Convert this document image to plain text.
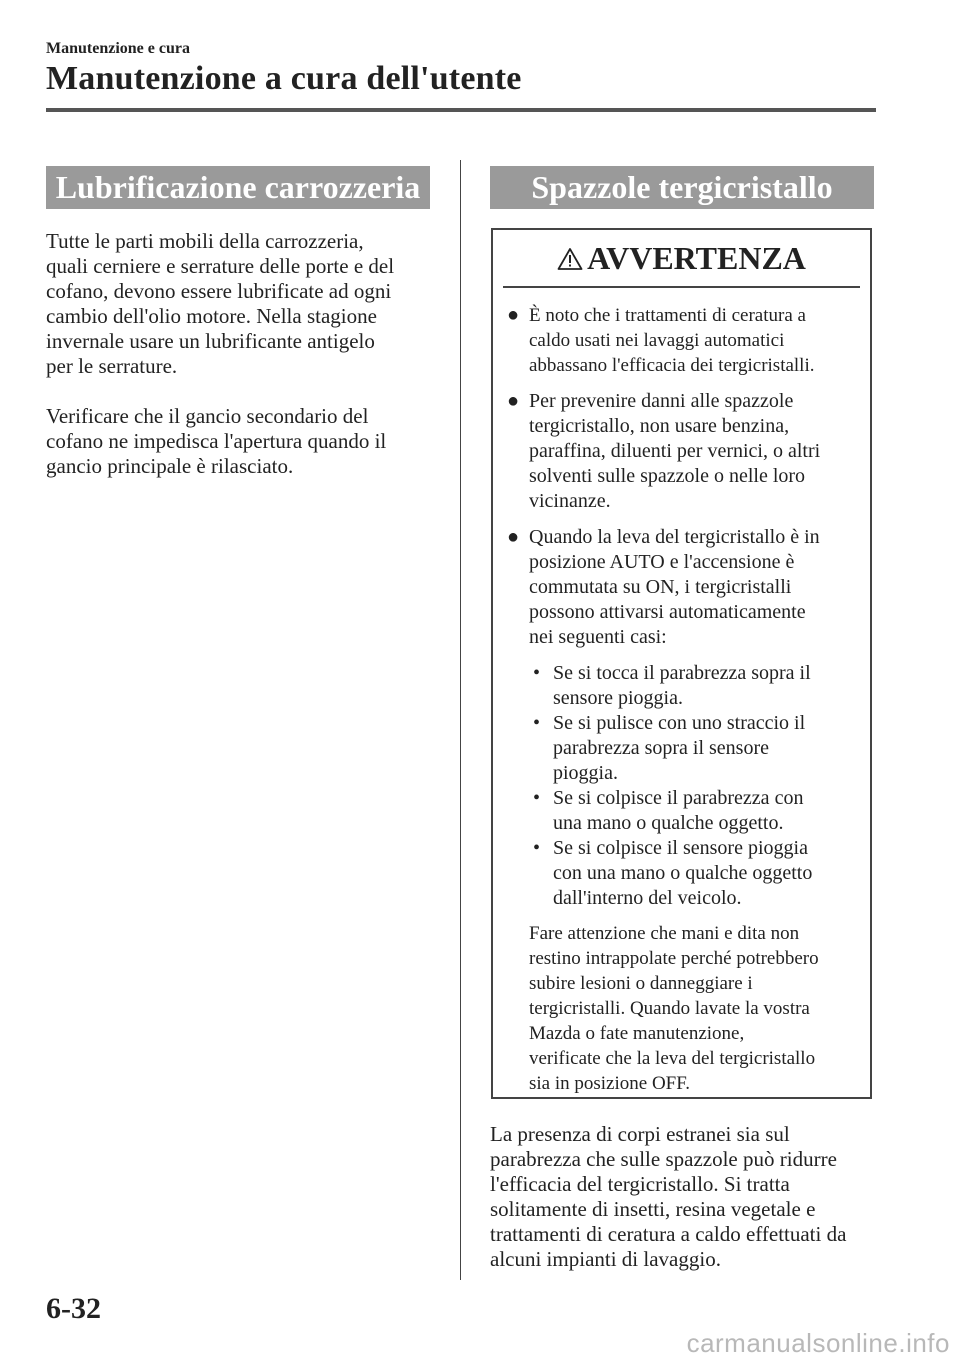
Manutenzione e cura
Manutenzione a cura dell'utente
Lubrificazione carrozzeria

Tutte le parti mobili della carrozzeria,

quali cerniere e serrature delle porte e del

cofano, devono essere lubrificate ad ogni

cambio dell'olio motore. Nella stagione

invernale usare un lubrificante antigelo

per le serrature.

Verificare che il gancio secondario del

cofano ne impedisca l'apertura quando il

gancio principale è rilasciato.

Spazzole tergicristallo
AVVERTENZA
● È noto che i trattamenti di ceratura a
caldo usati nei lavaggi automatici
abbassano l'efficacia dei tergicristalli.
● Per prevenire danni alle spazzole
tergicristallo, non usare benzina,
paraffina, diluenti per vernici, o altri
solventi sulle spazzole o nelle loro
vicinanze.
● Quando la leva del tergicristallo è in
posizione AUTO e l'accensione è
commutata su ON, i tergicristalli
possono attivarsi automaticamente
nei seguenti casi:
• Se si tocca il parabrezza sopra il
sensore pioggia.
• Se si pulisce con uno straccio il
parabrezza sopra il sensore
pioggia.
• Se si colpisce il parabrezza con
una mano o qualche oggetto.
• Se si colpisce il sensore pioggia
con una mano o qualche oggetto
dall'interno del veicolo.
Fare attenzione che mani e dita non
restino intrappolate perché potrebbero
subire lesioni o danneggiare i
tergicristalli. Quando lavate la vostra
Mazda o fate manutenzione,
verificate che la leva del tergicristallo
sia in posizione OFF.

La presenza di corpi estranei sia sul

parabrezza che sulle spazzole può ridurre

l'efficacia del tergicristallo. Si tratta

solitamente di insetti, resina vegetale e

trattamenti di ceratura a caldo effettuati da

alcuni impianti di lavaggio.

6-32
carmanualsonline.info
